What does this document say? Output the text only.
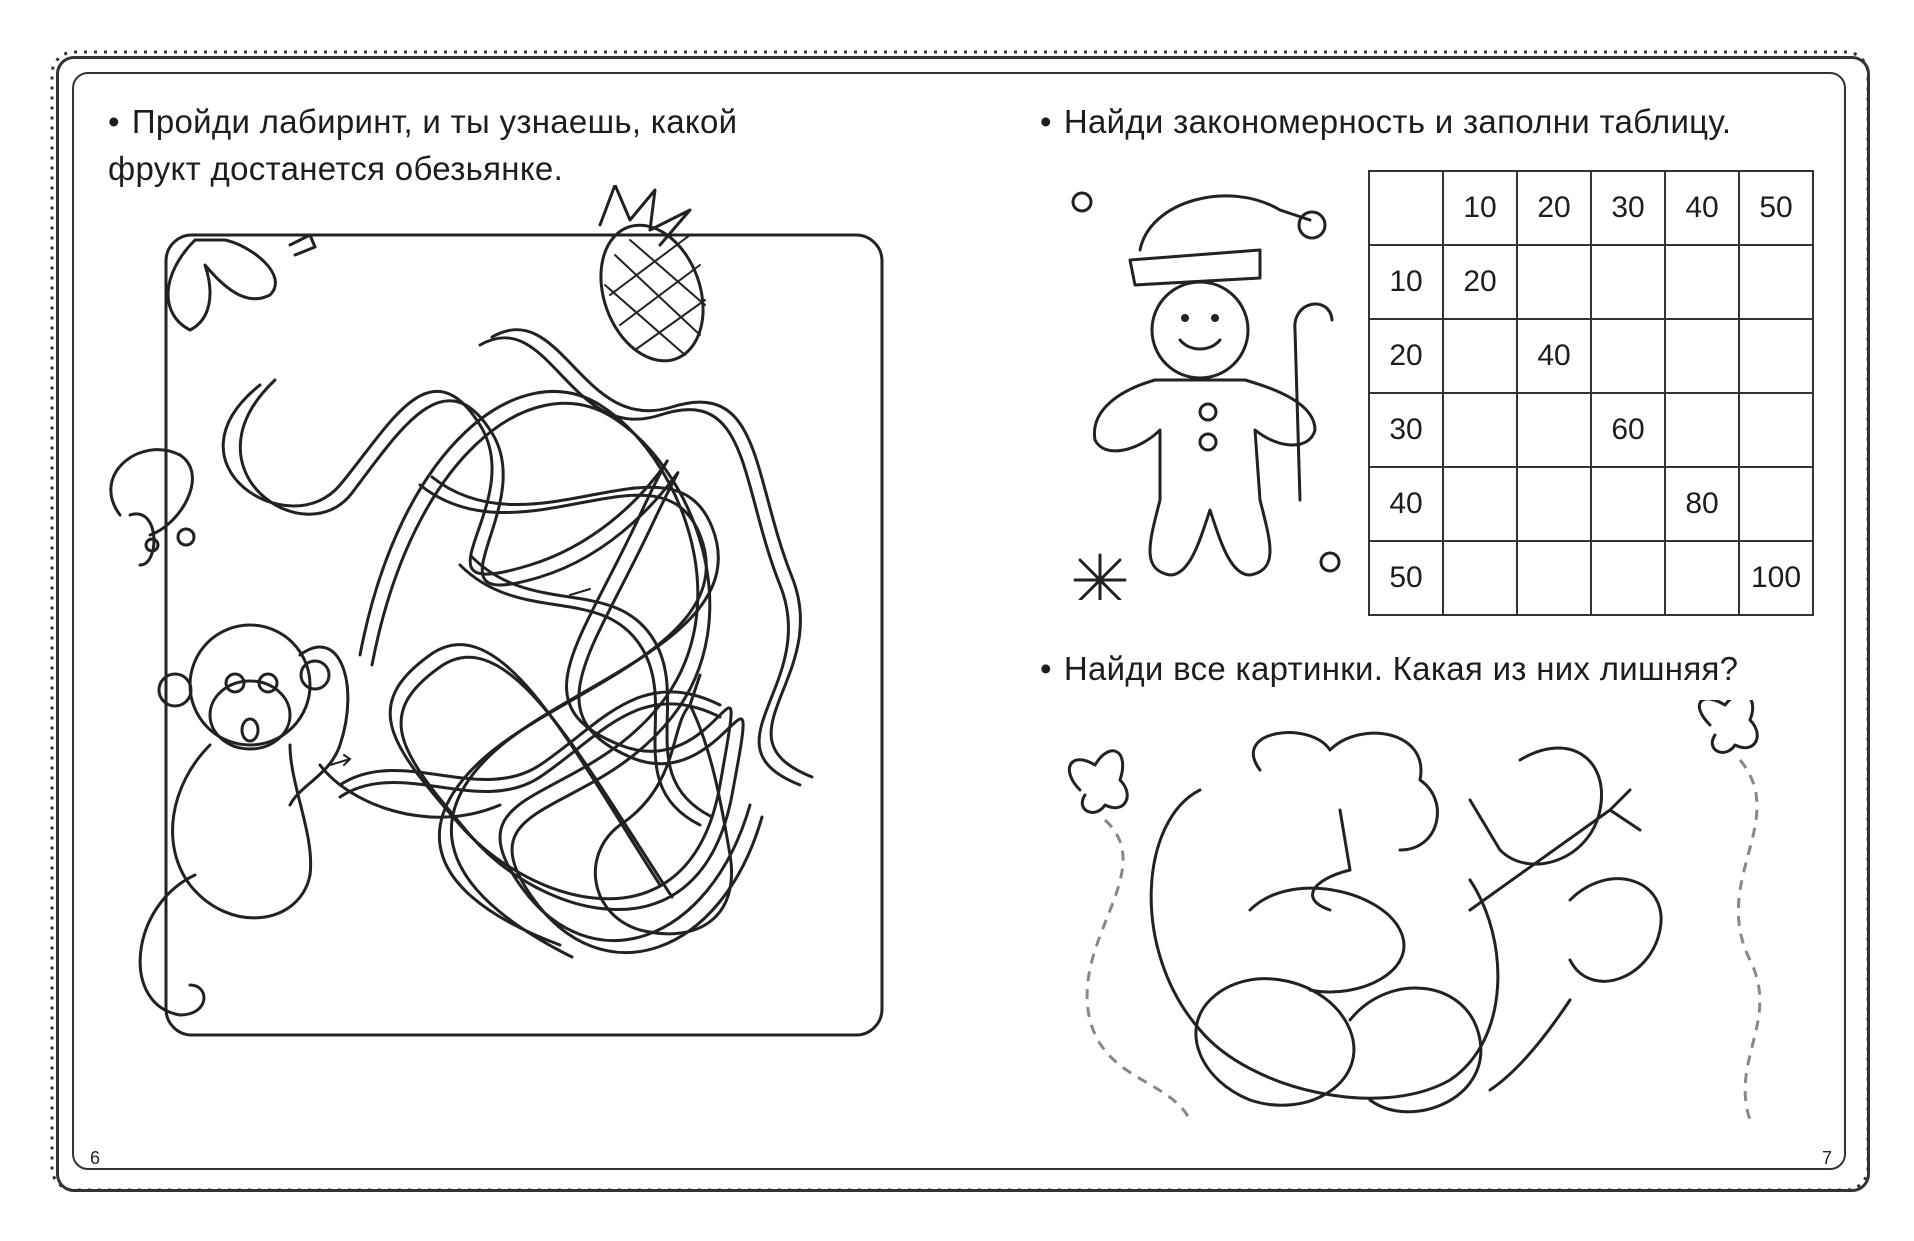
• Пройди лабиринт, и ты узнаешь, какой
фрукт достанется обезьянке.
6
• Найди закономерность и заполни таблицу.
	10	20	30	40	50
10	20				
20		40			
30			60		
40				80	
50					100
• Найди все картинки. Какая из них лишняя?
7
